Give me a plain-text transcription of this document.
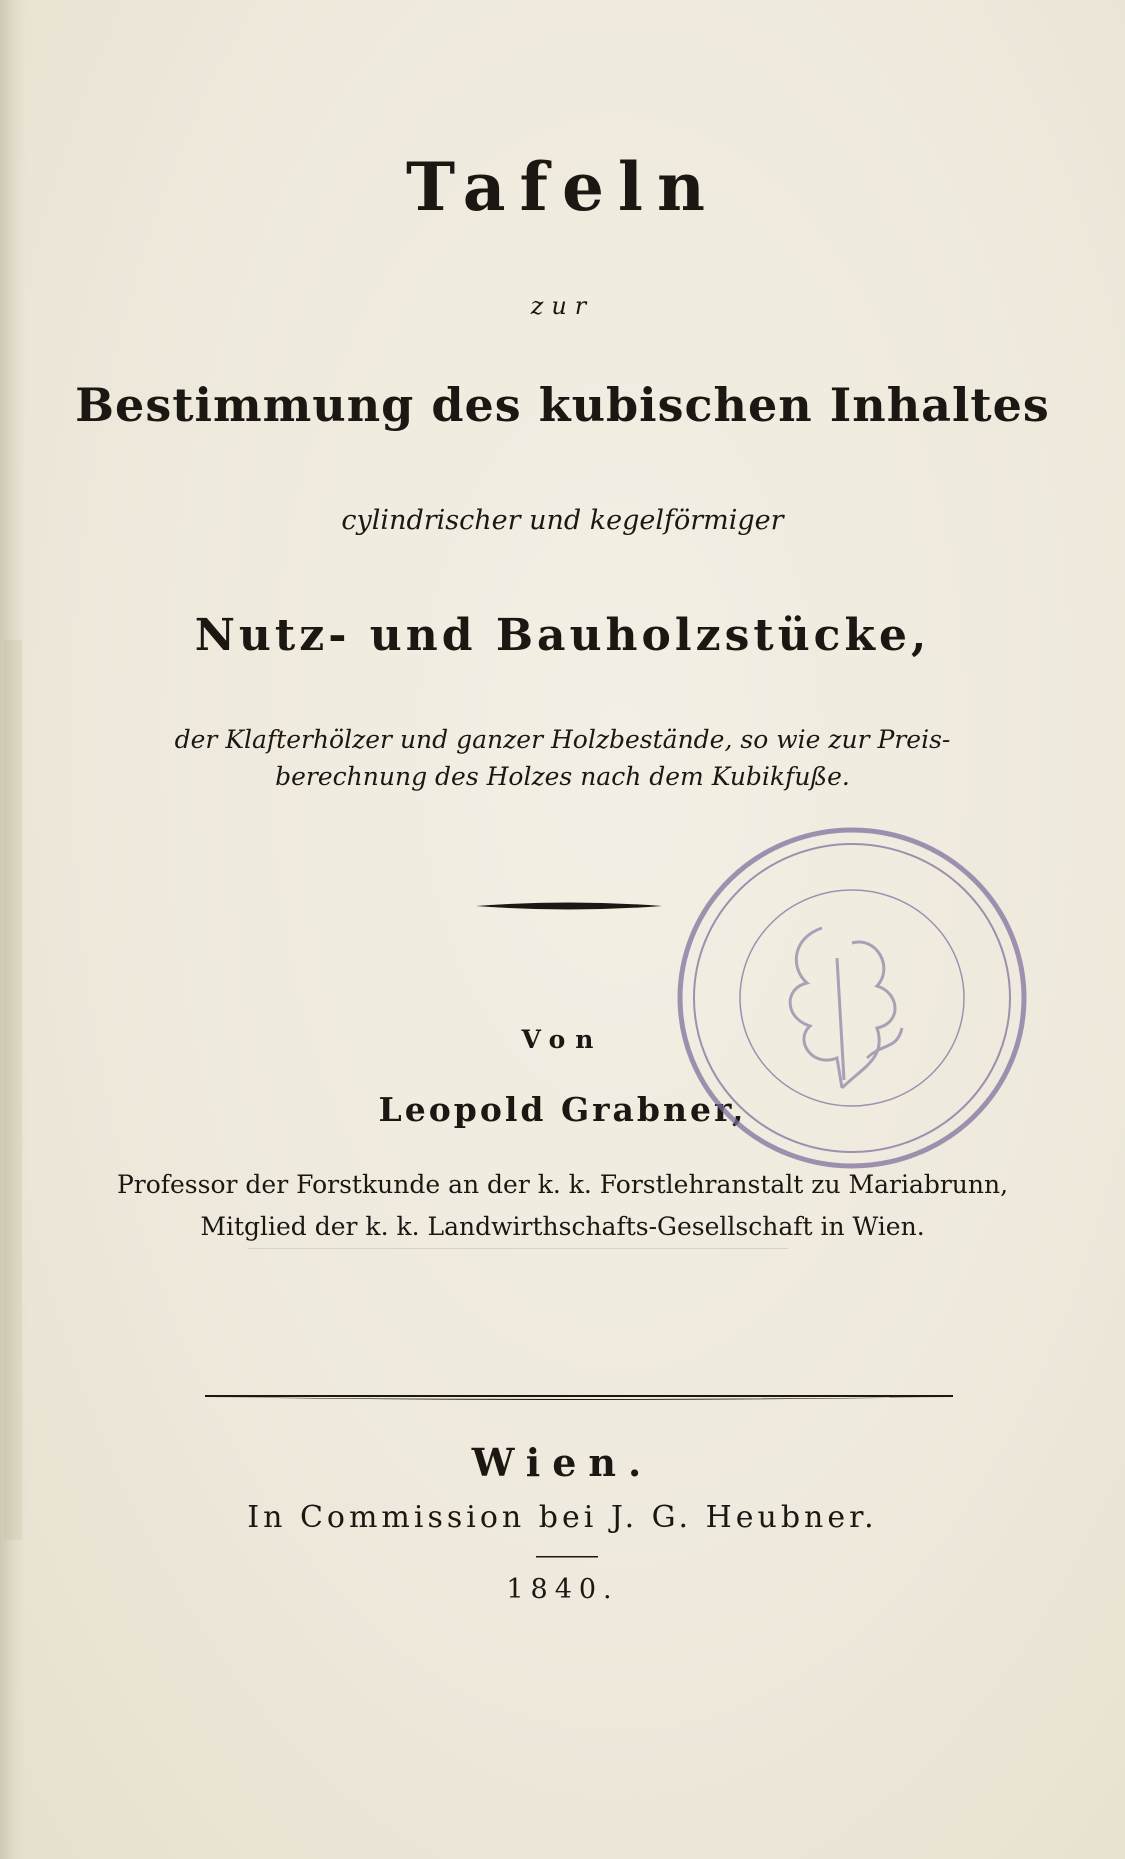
Tafeln
zur
Bestimmung des kubischen Inhaltes
cylindrischer und kegelförmiger
Nutz- und Bauholzstücke,
der Klafterhölzer und ganzer Holzbestände, so wie zur Preis-
berechnung des Holzes nach dem Kubikfuße.
Von
Leopold Grabner,
Professor der Forstkunde an der k. k. Forstlehranstalt zu Mariabrunn,
Mitglied der k. k. Landwirthschafts-Gesellschaft in Wien.
Wien.
In Commission bei J. G. Heubner.
1840.
